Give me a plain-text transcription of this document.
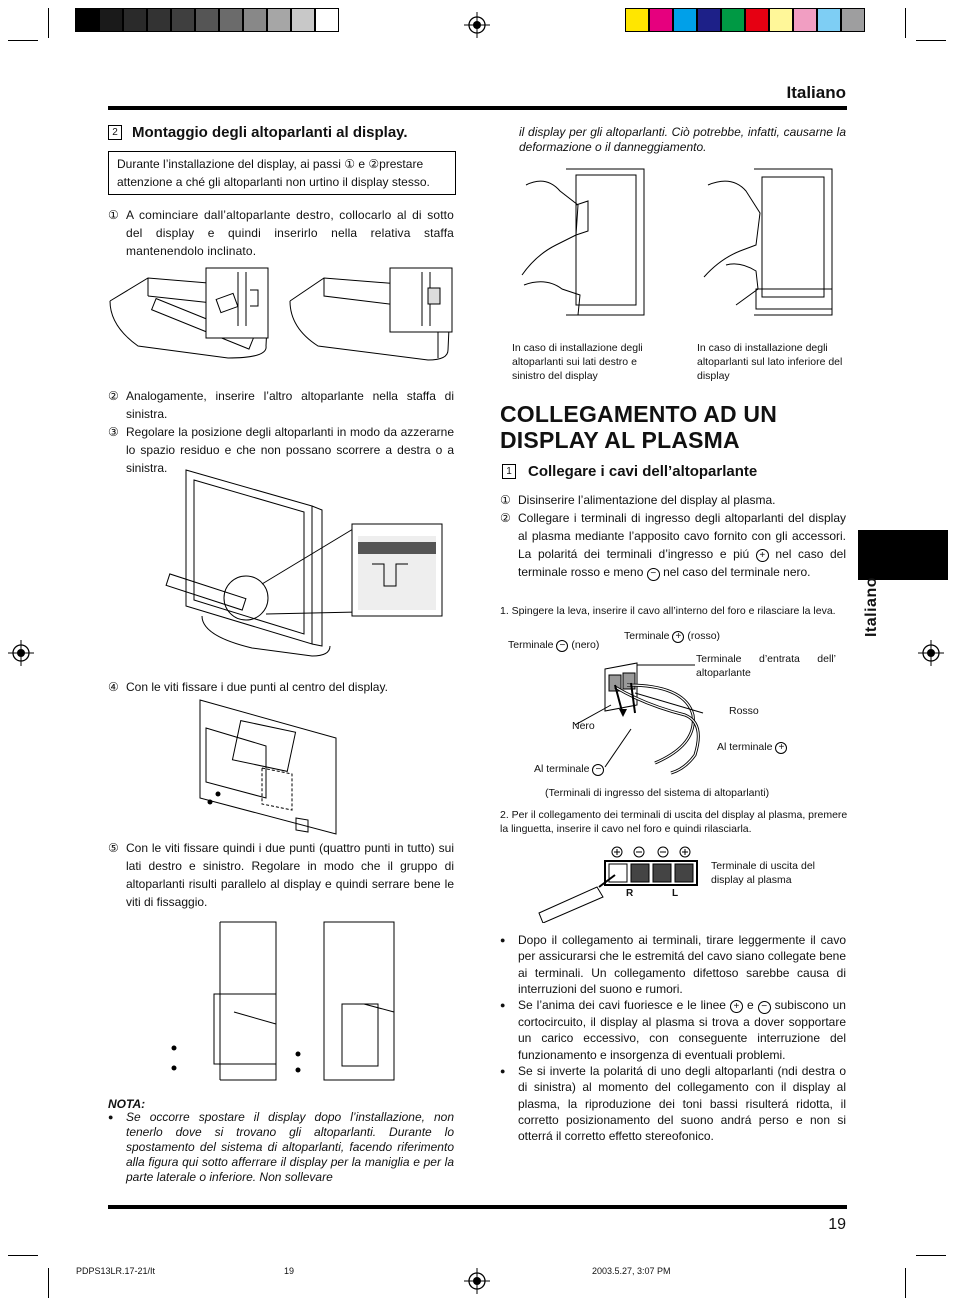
Italiano
Italiano
2 Montaggio degli altoparlanti al display.
Durante l’installazione del display, ai passi ① e ②prestare attenzione a ché gli altoparlanti non urtino il display stesso.
① A cominciare dall’altoparlante destro, collocarlo al di sotto del display e quindi inserirlo nella relativa staffa mantenendolo inclinato.
② Analogamente, inserire l’altro altoparlante nella staffa di sinistra.
③ Regolare la posizione degli altoparlanti in modo da azzerarne lo spazio residuo e che non possano scorrere a destra o a sinistra.
④ Con le viti fissare i due punti al centro del display.
⑤ Con le viti fissare quindi i due punti (quattro punti in tutto) sui lati destro e sinistro. Regolare in modo che il gruppo di altoparlanti risulti parallelo al display e quindi serrare bene le viti di fissaggio.
NOTA:
● Se occorre spostare il display dopo l’installazione, non tenerlo dove si trovano gli altoparlanti. Durante lo spostamento del sistema di altoparlanti, facendo riferimento alla figura qui sotto afferrare il display per la maniglia e per la parte laterale o inferiore. Non sollevare
il display per gli altoparlanti. Ciò potrebbe, infatti, causarne la deformazione o il danneggiamento.
In caso di installazione degli altoparlanti sui lati destro e sinistro del display
In caso di installazione degli altoparlanti sul lato inferiore del display
COLLEGAMENTO AD UN
DISPLAY AL PLASMA
1 Collegare i cavi dell’altoparlante
① Disinserire l’alimentazione del display al plasma.
② Collegare i terminali di ingresso degli altoparlanti del display al plasma mediante l’apposito cavo fornito con gli accessori. La polaritá dei terminali d’ingresso e piú + nel caso del terminale rosso e meno − nel caso del terminale nero.
1. Spingere la leva, inserire il cavo all’interno del foro e rilasciare la leva.
Terminale − (nero)
Terminale + (rosso)
Terminale d’entrata dell’ altoparlante
Nero
Rosso
Al terminale +
Al terminale −
(Terminali di ingresso del sistema di altoparlanti)
2. Per il collegamento dei terminali di uscita del display al plasma, premere la linguetta, inserire il cavo nel foro e quindi rilasciarla.
R	L
Terminale di uscita del display al plasma
● Dopo il collegamento ai terminali, tirare leggermente il cavo per assicurarsi che le estremitá del cavo siano collegate bene ai terminali. Un collegamento difettoso sarebbe causa di interruzioni del suono e rumori.
● Se l’anima dei cavi fuoriesce e le linee + e − subiscono un cortocircuito, il display al plasma si trova a dover sopportare un carico eccessivo, con conseguente interruzione del funzionamento e insorgenza di eventuali problemi.
● Se si inverte la polaritá di uno degli altoparlanti (ndi destra o di sinistra) al momento del collegamento con il display al plasma, la riproduzione dei toni bassi risulterá ridotta, il corretto posizionamento del suono andrá perso e non si otterrá il corretto effetto stereofonico.
19
PDPS13LR.17-21/It	19	2003.5.27, 3:07 PM
